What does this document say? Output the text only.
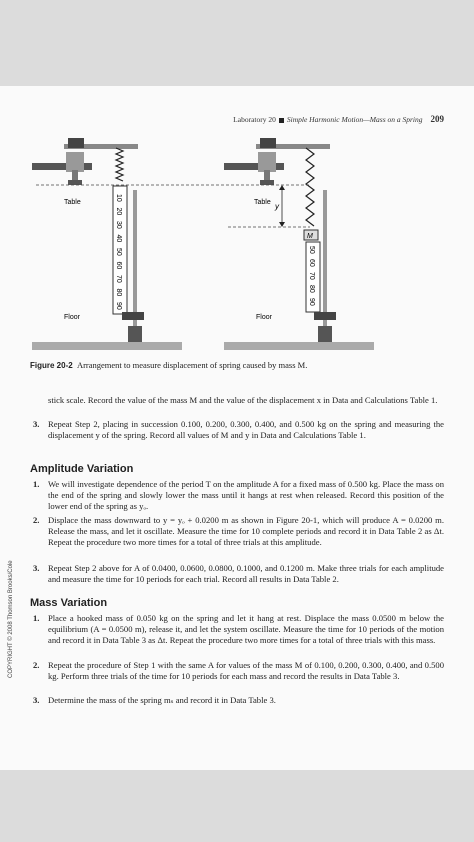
Laboratory 20 Simple Harmonic Motion—Mass on a Spring 209
Table
Floor
10
20
30
40
50
60
70
80
90
M
Table
Floor
50
60
70
80
90
y
Figure 20-2 Arrangement to measure displacement of spring caused by mass M.
stick scale. Record the value of the mass M and the value of the displacement x in Data and Calculations Table 1.
3. Repeat Step 2, placing in succession 0.100, 0.200, 0.300, 0.400, and 0.500 kg on the spring and measuring the displacement y of the spring. Record all values of M and y in Data and Calculations Table 1.
Amplitude Variation
1. We will investigate dependence of the period T on the amplitude A for a fixed mass of 0.500 kg. Place the mass on the end of the spring and slowly lower the mass until it hangs at rest when released. Record this position of the lower end of the spring as yₒ.
2. Displace the mass downward to y = yₒ + 0.0200 m as shown in Figure 20-1, which will produce A = 0.0200 m. Release the mass, and let it oscillate. Measure the time for 10 complete periods and record it in Data Table 2 as Δt. Repeat the procedure two more times for a total of three trials at this amplitude.
3. Repeat Step 2 above for A of 0.0400, 0.0600, 0.0800, 0.1000, and 0.1200 m. Make three trials for each amplitude and measure the time for 10 periods for each trial. Record all results in Data Table 2.
Mass Variation
1. Place a hooked mass of 0.050 kg on the spring and let it hang at rest. Displace the mass 0.0500 m below the equilibrium (A = 0.0500 m), release it, and let the system oscillate. Measure the time for 10 periods of the motion and record it in Data Table 3 as Δt. Repeat the procedure two more times for a total of three trials with this mass.
2. Repeat the procedure of Step 1 with the same A for values of the mass M of 0.100, 0.200, 0.300, 0.400, and 0.500 kg. Perform three trials of the time for 10 periods for each mass and record the results in Data Table 3.
3. Determine the mass of the spring mₛ and record it in Data Table 3.
COPYRIGHT © 2008 Thomson Brooks/Cole
